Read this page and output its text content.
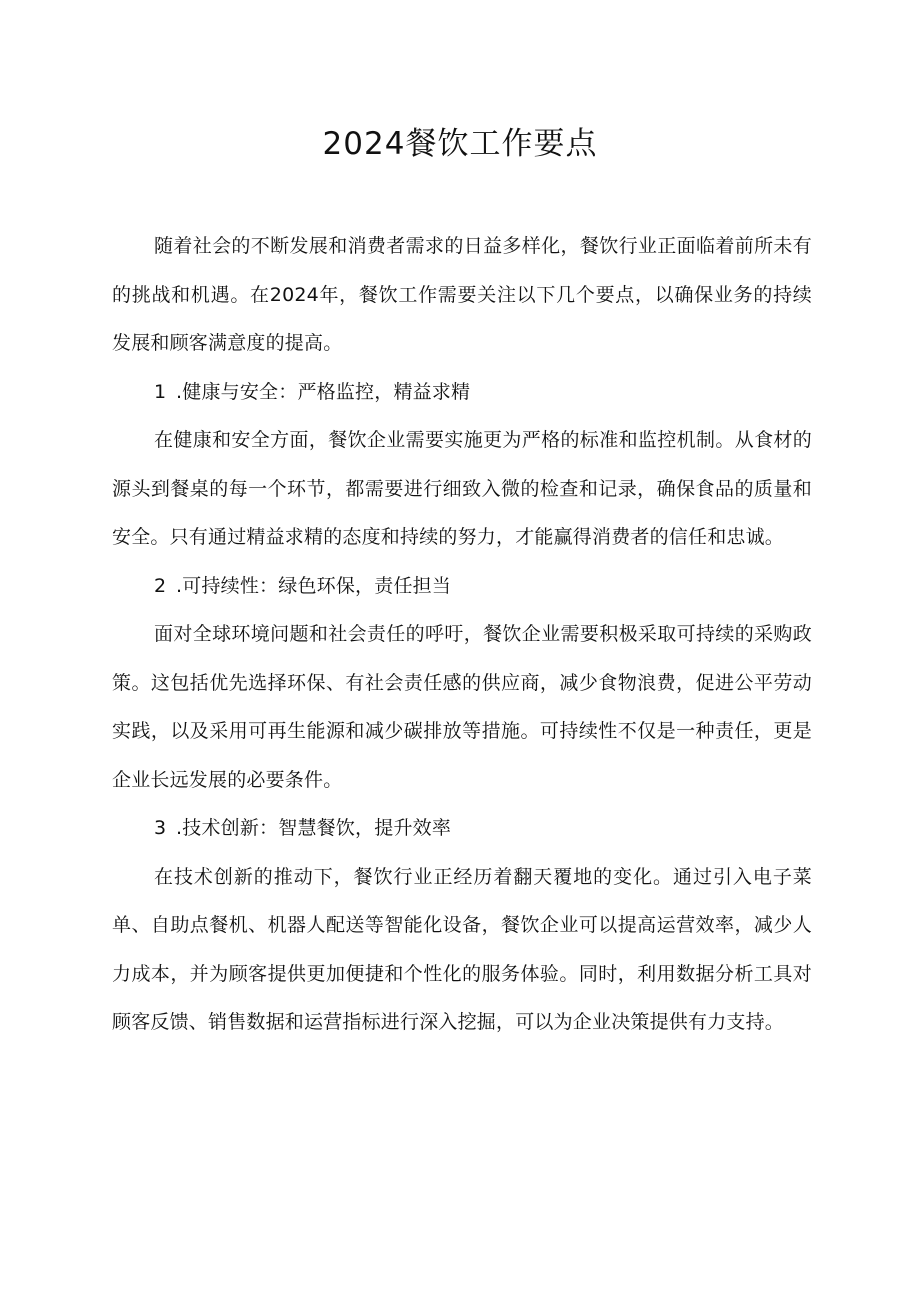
2024餐饮工作要点

随着社会的不断发展和消费者需求的日益多样化，餐饮行业正面临着前所未有的挑战和机遇。在2024年，餐饮工作需要关注以下几个要点，以确保业务的持续发展和顾客满意度的提高。

1 .健康与安全：严格监控，精益求精

在健康和安全方面，餐饮企业需要实施更为严格的标准和监控机制。从食材的源头到餐桌的每一个环节，都需要进行细致入微的检查和记录，确保食品的质量和安全。只有通过精益求精的态度和持续的努力，才能赢得消费者的信任和忠诚。

2 .可持续性：绿色环保，责任担当

面对全球环境问题和社会责任的呼吁，餐饮企业需要积极采取可持续的采购政策。这包括优先选择环保、有社会责任感的供应商，减少食物浪费，促进公平劳动实践，以及采用可再生能源和减少碳排放等措施。可持续性不仅是一种责任，更是企业长远发展的必要条件。

3 .技术创新：智慧餐饮，提升效率

在技术创新的推动下，餐饮行业正经历着翻天覆地的变化。通过引入电子菜单、自助点餐机、机器人配送等智能化设备，餐饮企业可以提高运营效率，减少人力成本，并为顾客提供更加便捷和个性化的服务体验。同时，利用数据分析工具对顾客反馈、销售数据和运营指标进行深入挖掘，可以为企业决策提供有力支持。
